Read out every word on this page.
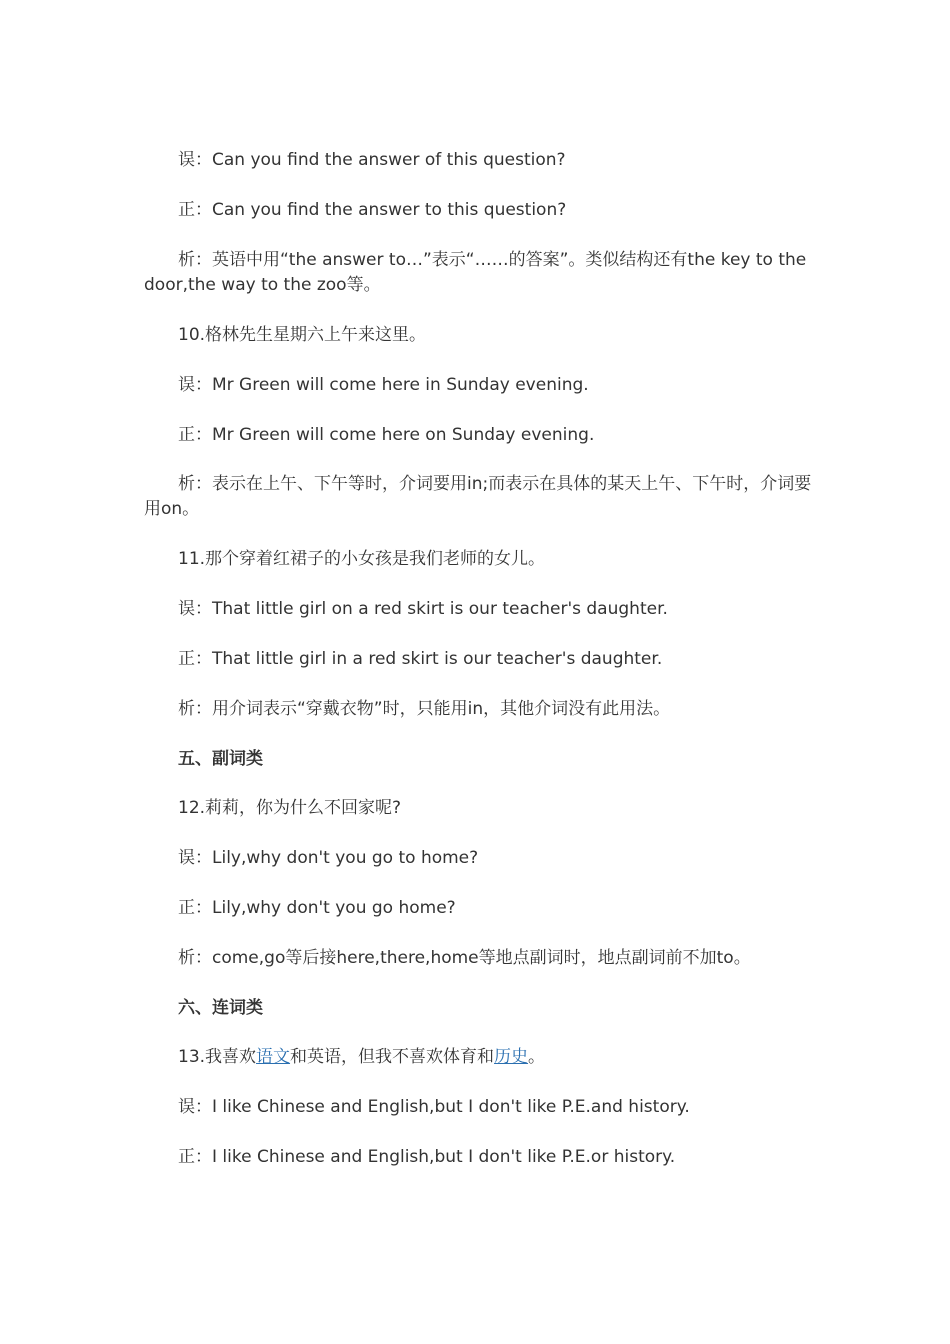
误：Can you find the answer of this question?

正：Can you find the answer to this question?

析：英语中用“the answer to…”表示“……的答案”。类似结构还有the key to the door,the way to the zoo等。

10.格林先生星期六上午来这里。

误：Mr Green will come here in Sunday evening.

正：Mr Green will come here on Sunday evening.

析：表示在上午、下午等时，介词要用in;而表示在具体的某天上午、下午时，介词要用on。

11.那个穿着红裙子的小女孩是我们老师的女儿。

误：That little girl on a red skirt is our teacher's daughter.

正：That little girl in a red skirt is our teacher's daughter.

析：用介词表示“穿戴衣物”时，只能用in，其他介词没有此用法。

五、副词类

12.莉莉，你为什么不回家呢?

误：Lily,why don't you go to home?

正：Lily,why don't you go home?

析：come,go等后接here,there,home等地点副词时，地点副词前不加to。

六、连词类

13.我喜欢语文和英语，但我不喜欢体育和历史。

误：I like Chinese and English,but I don't like P.E.and history.

正：I like Chinese and English,but I don't like P.E.or history.
